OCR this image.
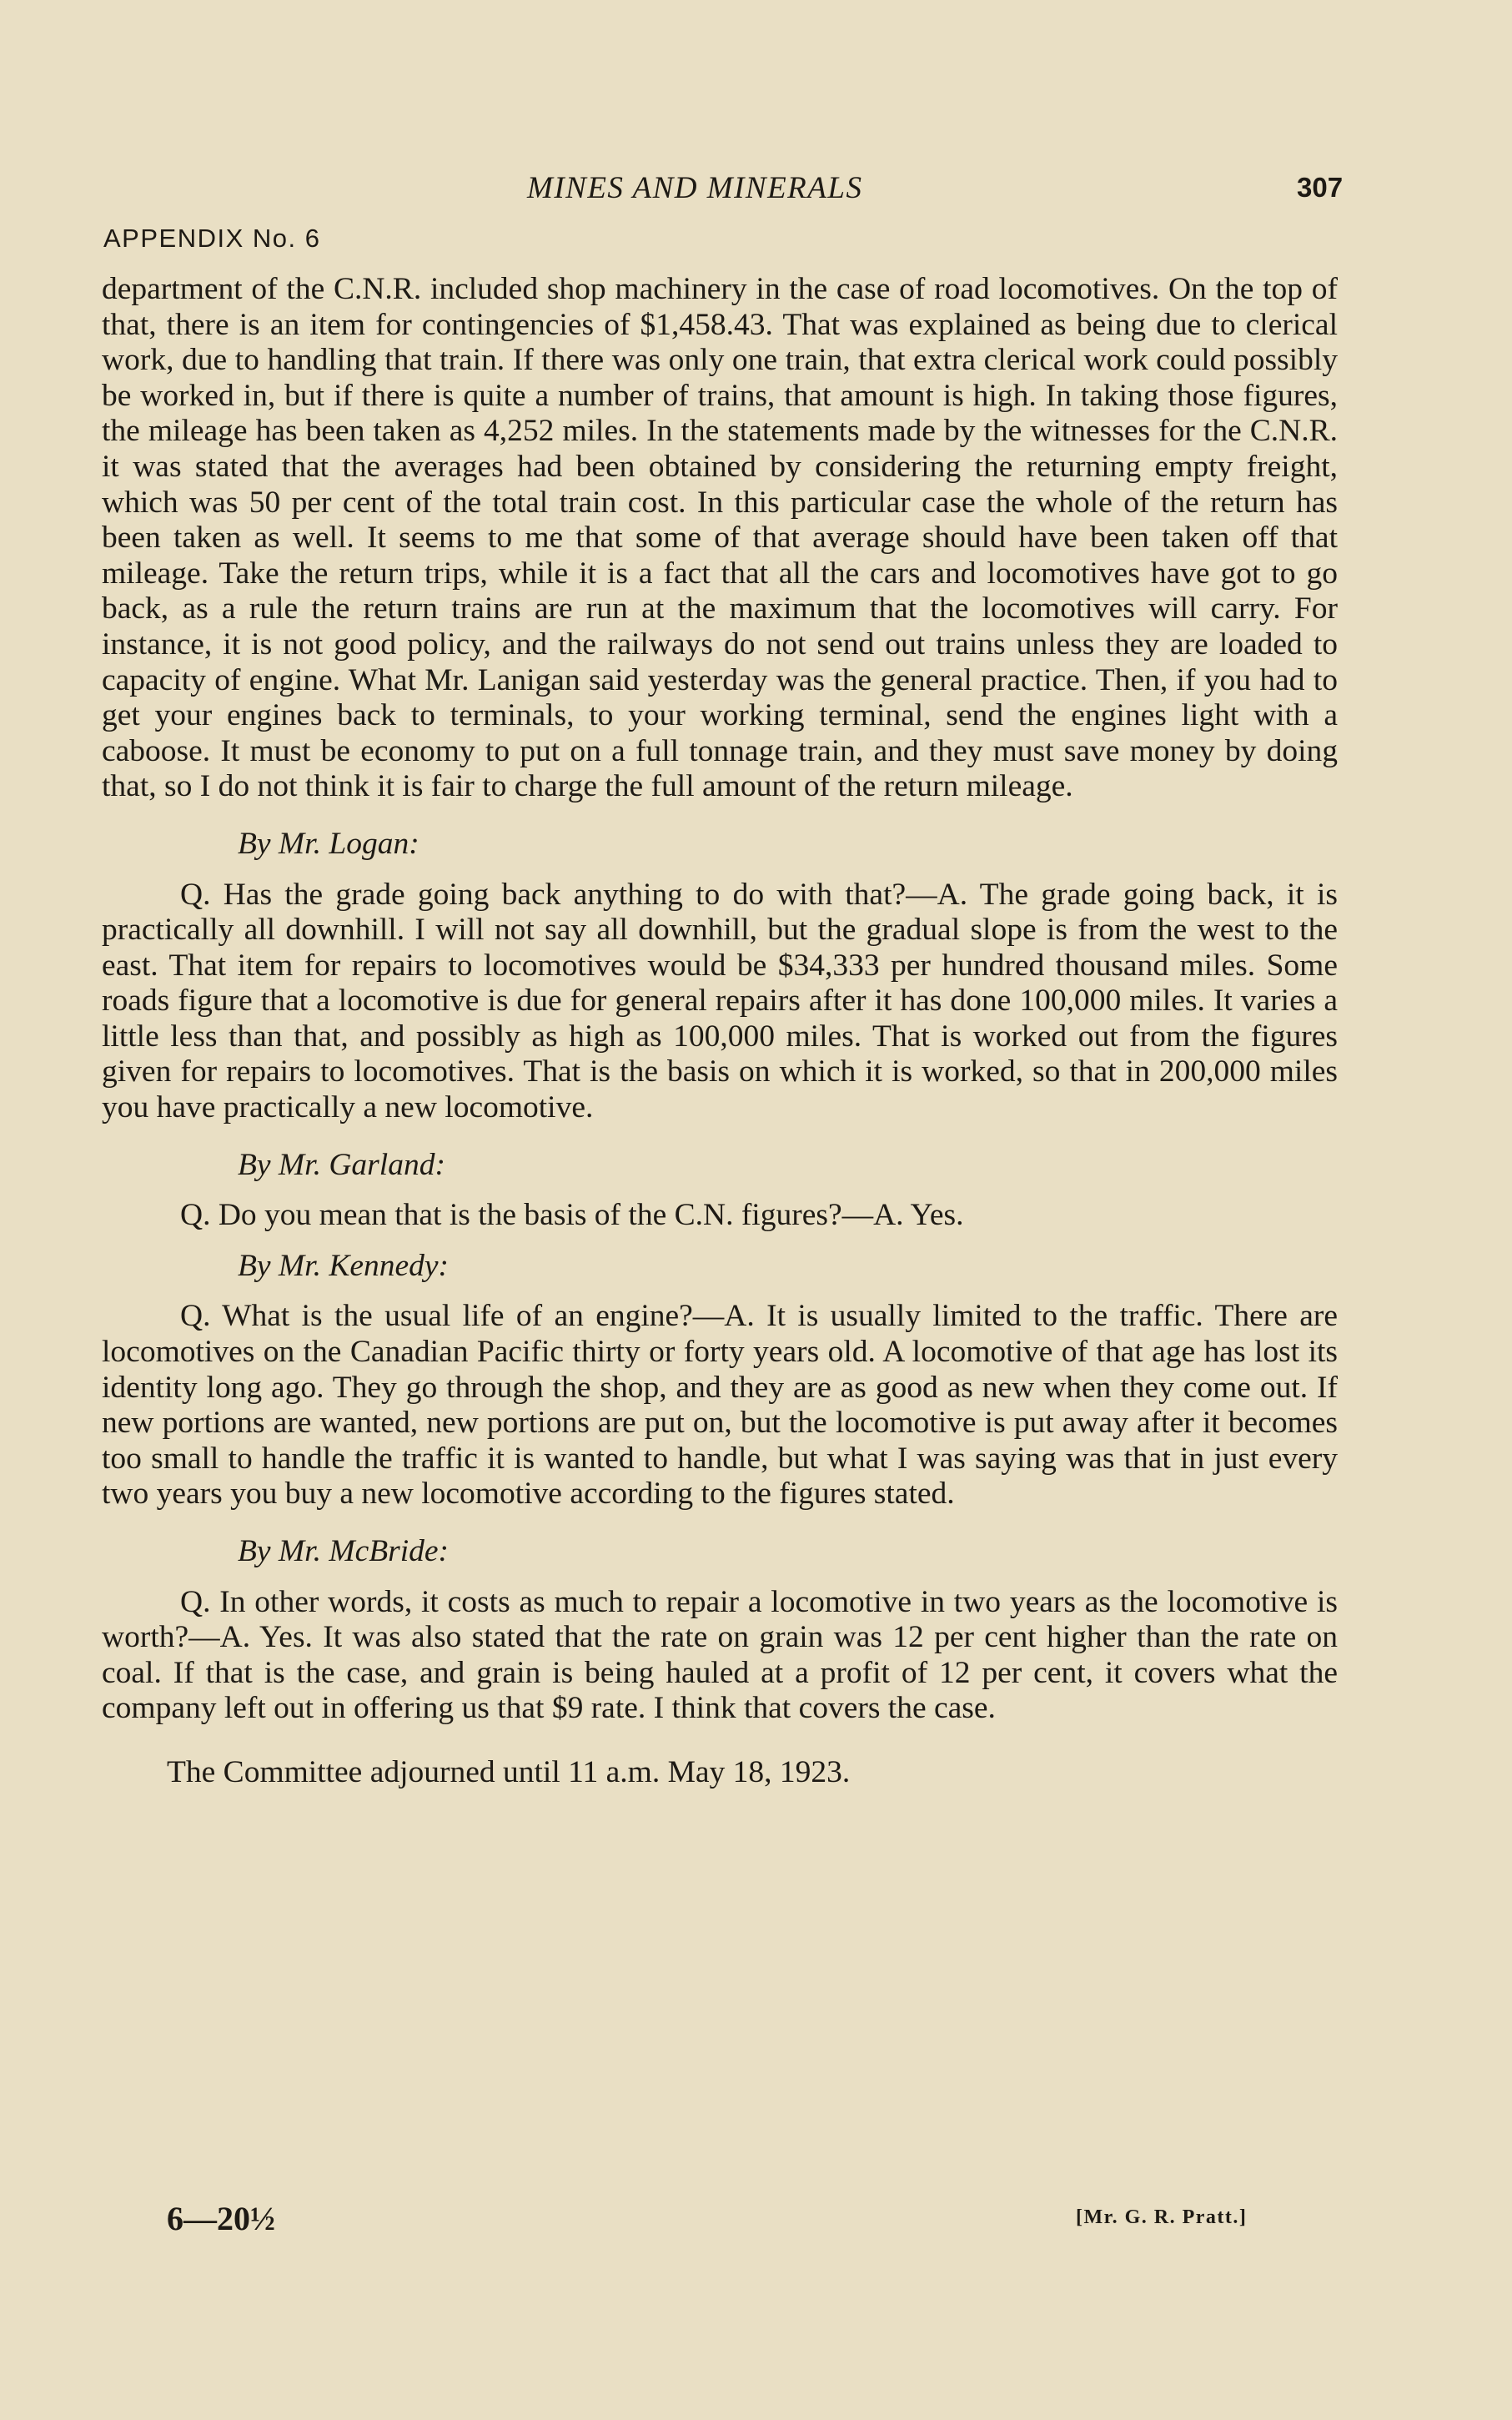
MINES AND MINERALS	307
APPENDIX No. 6

department of the C.N.R. included shop machinery in the case of road locomotives. On the top of that, there is an item for contingencies of $1,458.43. That was explained as being due to clerical work, due to handling that train. If there was only one train, that extra clerical work could possibly be worked in, but if there is quite a number of trains, that amount is high. In taking those figures, the mileage has been taken as 4,252 miles. In the statements made by the witnesses for the C.N.R. it was stated that the averages had been obtained by considering the returning empty freight, which was 50 per cent of the total train cost. In this particular case the whole of the return has been taken as well. It seems to me that some of that average should have been taken off that mileage. Take the return trips, while it is a fact that all the cars and locomotives have got to go back, as a rule the return trains are run at the maximum that the locomotives will carry. For instance, it is not good policy, and the railways do not send out trains unless they are loaded to capacity of engine. What Mr. Lanigan said yesterday was the general practice. Then, if you had to get your engines back to terminals, to your working terminal, send the engines light with a caboose. It must be economy to put on a full tonnage train, and they must save money by doing that, so I do not think it is fair to charge the full amount of the return mileage.

By Mr. Logan:

Q. Has the grade going back anything to do with that?—A. The grade going back, it is practically all downhill. I will not say all downhill, but the gradual slope is from the west to the east. That item for repairs to locomotives would be $34,333 per hundred thousand miles. Some roads figure that a locomotive is due for general repairs after it has done 100,000 miles. It varies a little less than that, and possibly as high as 100,000 miles. That is worked out from the figures given for repairs to locomotives. That is the basis on which it is worked, so that in 200,000 miles you have practically a new locomotive.

By Mr. Garland:

Q. Do you mean that is the basis of the C.N. figures?—A. Yes.

By Mr. Kennedy:

Q. What is the usual life of an engine?—A. It is usually limited to the traffic. There are locomotives on the Canadian Pacific thirty or forty years old. A locomotive of that age has lost its identity long ago. They go through the shop, and they are as good as new when they come out. If new portions are wanted, new portions are put on, but the locomotive is put away after it becomes too small to handle the traffic it is wanted to handle, but what I was saying was that in just every two years you buy a new locomotive according to the figures stated.

By Mr. McBride:

Q. In other words, it costs as much to repair a locomotive in two years as the locomotive is worth?—A. Yes. It was also stated that the rate on grain was 12 per cent higher than the rate on coal. If that is the case, and grain is being hauled at a profit of 12 per cent, it covers what the company left out in offering us that $9 rate. I think that covers the case.

The Committee adjourned until 11 a.m. May 18, 1923.

6—20½	[Mr. G. R. Pratt.]
